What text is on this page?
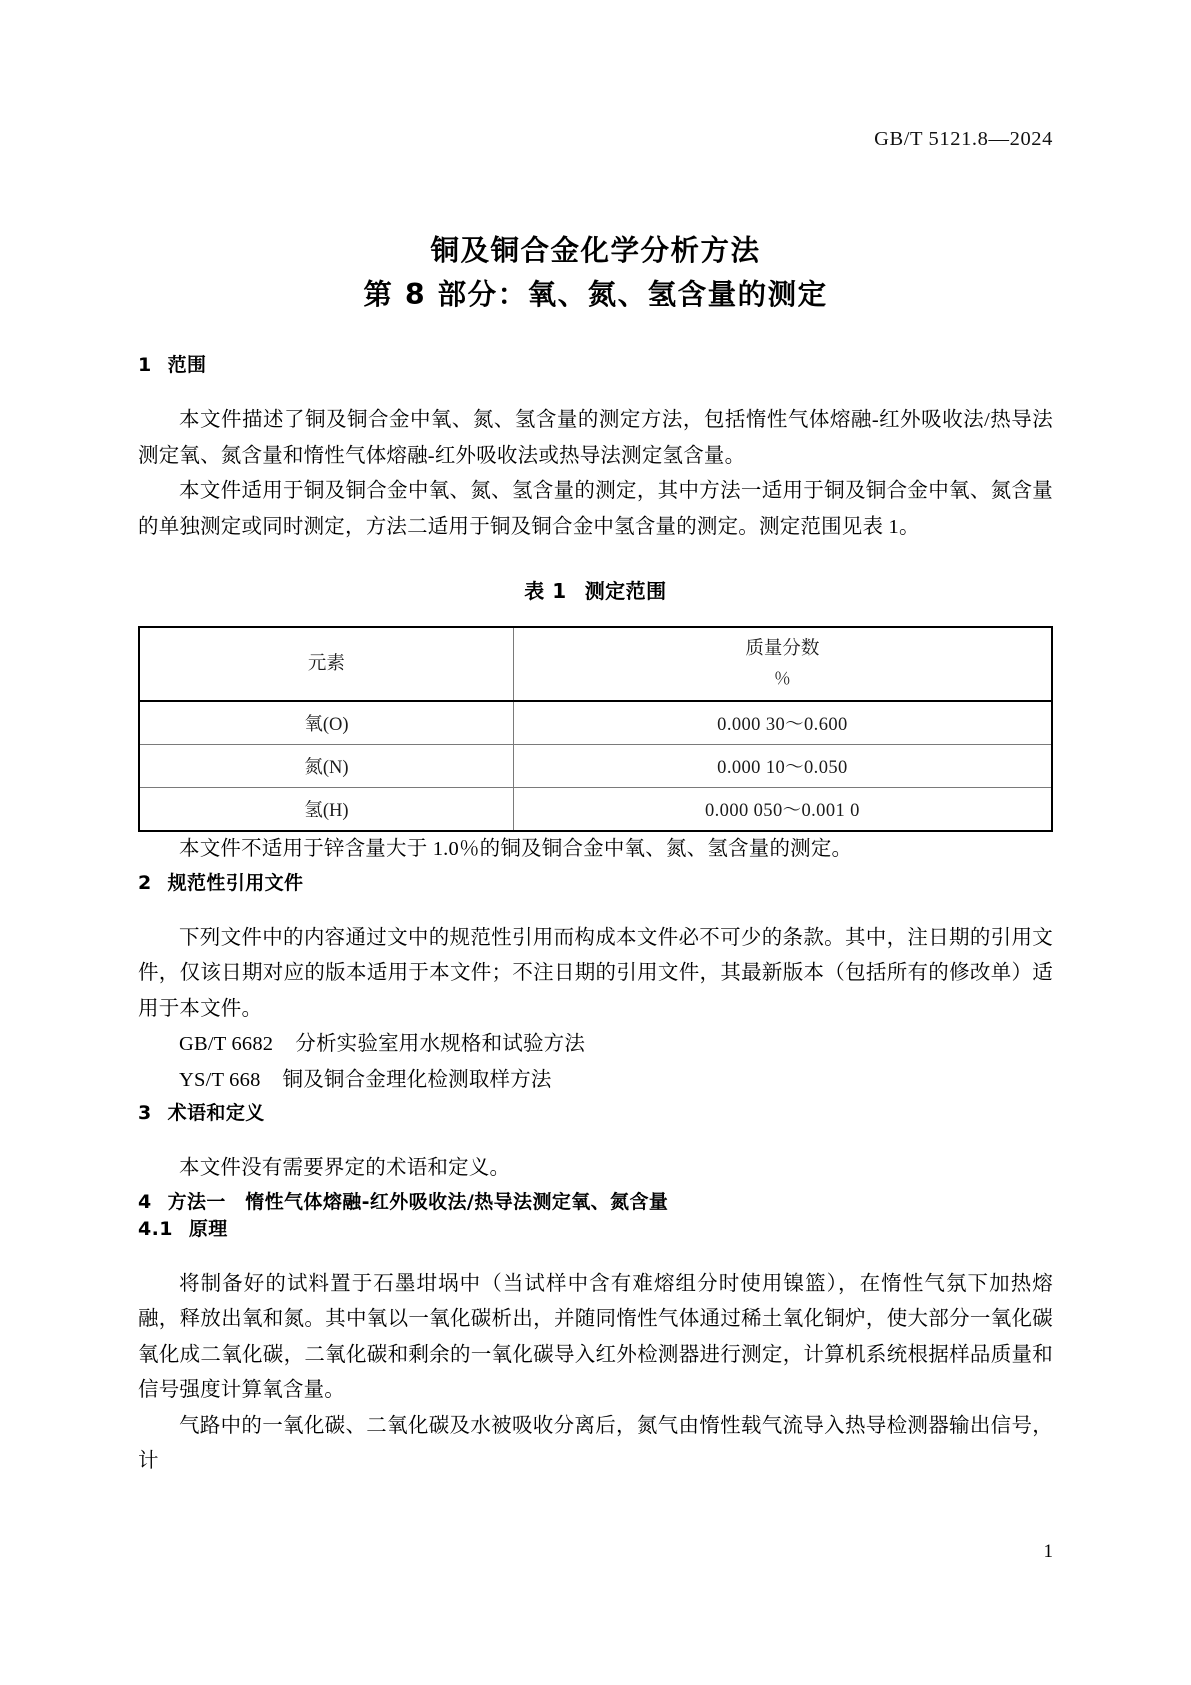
GB/T 5121.8—2024
铜及铜合金化学分析方法
第 8 部分：氧、氮、氢含量的测定
1 范围

本文件描述了铜及铜合金中氧、氮、氢含量的测定方法，包括惰性气体熔融-红外吸收法/热导法测定氧、氮含量和惰性气体熔融-红外吸收法或热导法测定氢含量。

本文件适用于铜及铜合金中氧、氮、氢含量的测定，其中方法一适用于铜及铜合金中氧、氮含量的单独测定或同时测定，方法二适用于铜及铜合金中氢含量的测定。测定范围见表 1。

表 1 测定范围
元素	质量分数
％

氧(O)	0.000 30～0.600
氮(N)	0.000 10～0.050
氢(H)	0.000 050～0.001 0

本文件不适用于锌含量大于 1.0％的铜及铜合金中氧、氮、氢含量的测定。

2 规范性引用文件

下列文件中的内容通过文中的规范性引用而构成本文件必不可少的条款。其中，注日期的引用文件，仅该日期对应的版本适用于本文件；不注日期的引用文件，其最新版本（包括所有的修改单）适用于本文件。

GB/T 6682 分析实验室用水规格和试验方法

YS/T 668 铜及铜合金理化检测取样方法

3 术语和定义

本文件没有需要界定的术语和定义。

4 方法一　惰性气体熔融-红外吸收法/热导法测定氧、氮含量
4.1 原理

将制备好的试料置于石墨坩埚中（当试样中含有难熔组分时使用镍篮），在惰性气氛下加热熔融，释放出氧和氮。其中氧以一氧化碳析出，并随同惰性气体通过稀土氧化铜炉，使大部分一氧化碳氧化成二氧化碳，二氧化碳和剩余的一氧化碳导入红外检测器进行测定，计算机系统根据样品质量和信号强度计算氧含量。

气路中的一氧化碳、二氧化碳及水被吸收分离后，氮气由惰性载气流导入热导检测器输出信号，计

1
